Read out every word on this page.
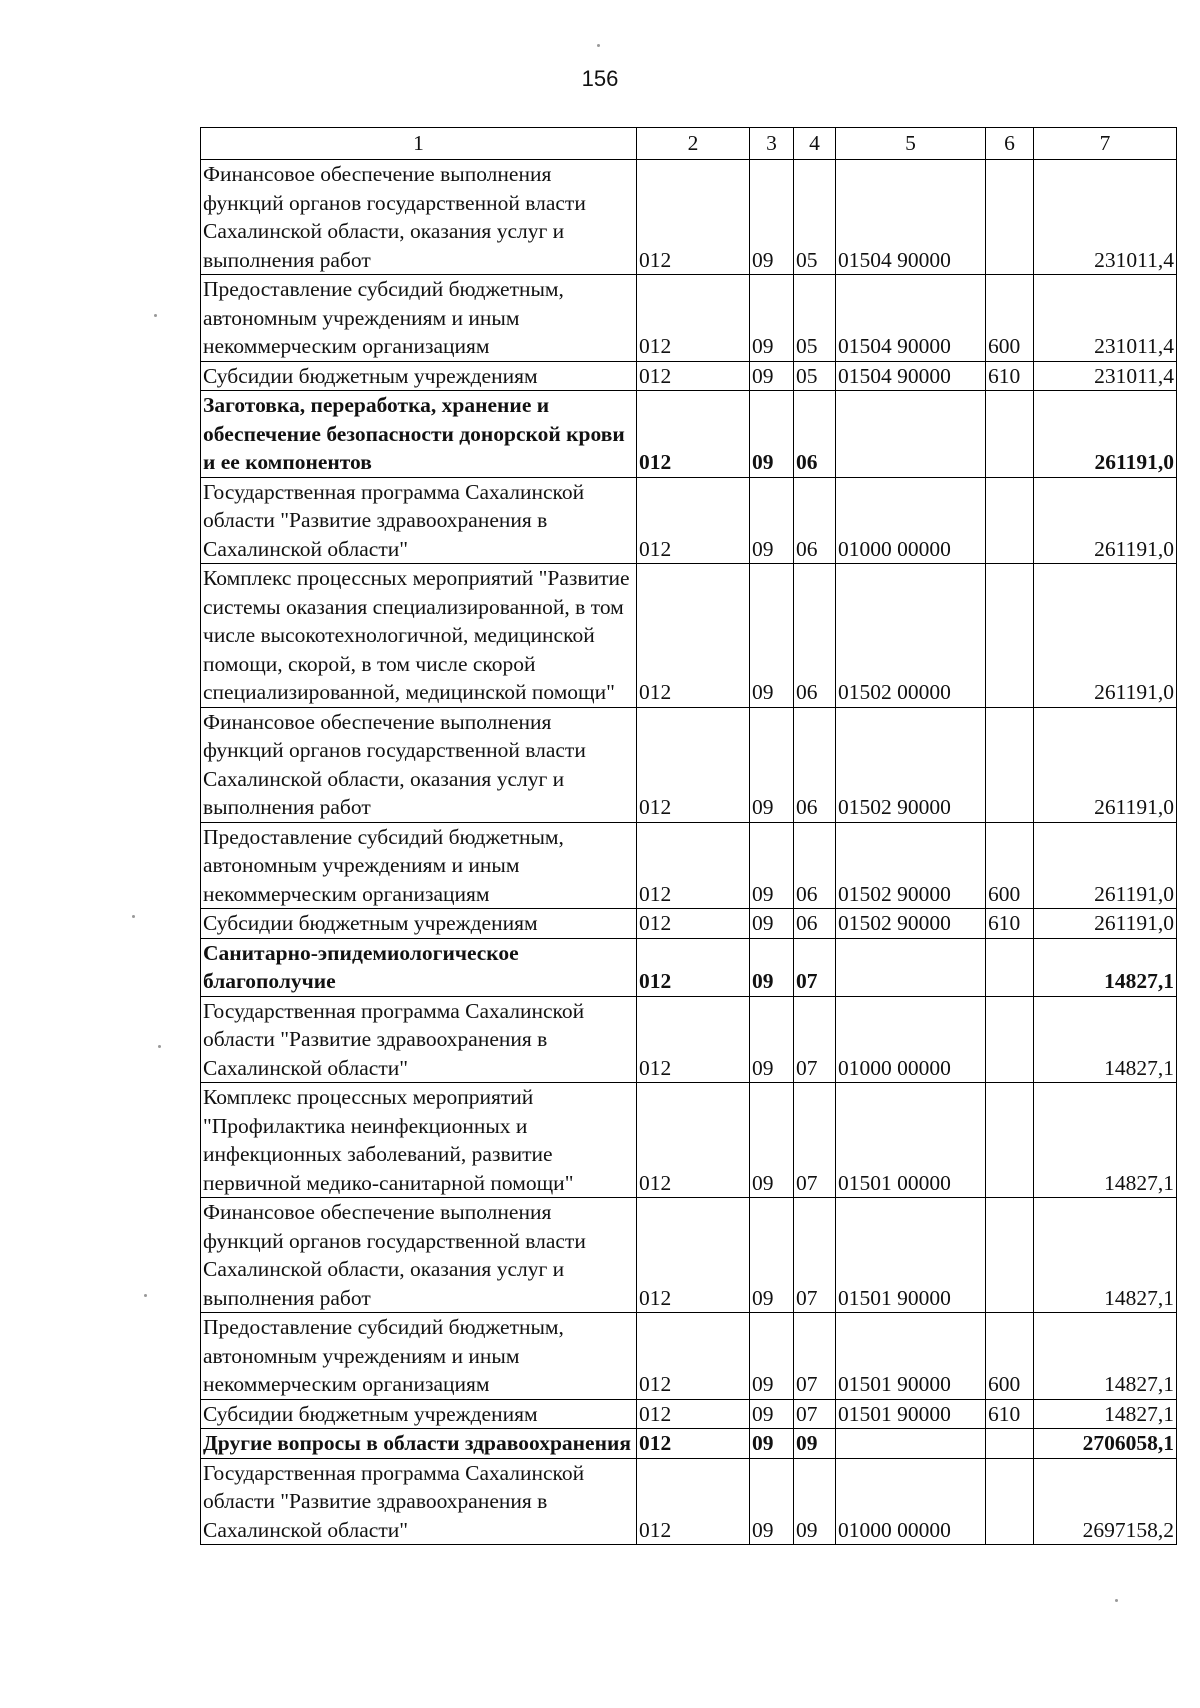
156
1	2	3	4	5	6	7
Финансовое обеспечение выполнения функций органов государственной власти Сахалинской области, оказания услуг и выполнения работ	012	09	05	01504 90000		231011,4
Предоставление субсидий бюджетным, автономным учреждениям и иным некоммерческим организациям	012	09	05	01504 90000	600	231011,4
Субсидии бюджетным учреждениям	012	09	05	01504 90000	610	231011,4
Заготовка, переработка, хранение и обеспечение безопасности донорской крови и ее компонентов	012	09	06			261191,0
Государственная программа Сахалинской области "Развитие здравоохранения в Сахалинской области"	012	09	06	01000 00000		261191,0
Комплекс процессных мероприятий "Развитие системы оказания специализированной, в том числе высокотехнологичной, медицинской помощи, скорой, в том числе скорой специализированной, медицинской помощи"	012	09	06	01502 00000		261191,0
Финансовое обеспечение выполнения функций органов государственной власти Сахалинской области, оказания услуг и выполнения работ	012	09	06	01502 90000		261191,0
Предоставление субсидий бюджетным, автономным учреждениям и иным некоммерческим организациям	012	09	06	01502 90000	600	261191,0
Субсидии бюджетным учреждениям	012	09	06	01502 90000	610	261191,0
Санитарно-эпидемиологическое благополучие	012	09	07			14827,1
Государственная программа Сахалинской области "Развитие здравоохранения в Сахалинской области"	012	09	07	01000 00000		14827,1
Комплекс процессных мероприятий "Профилактика неинфекционных и инфекционных заболеваний, развитие первичной медико-санитарной помощи"	012	09	07	01501 00000		14827,1
Финансовое обеспечение выполнения функций органов государственной власти Сахалинской области, оказания услуг и выполнения работ	012	09	07	01501 90000		14827,1
Предоставление субсидий бюджетным, автономным учреждениям и иным некоммерческим организациям	012	09	07	01501 90000	600	14827,1
Субсидии бюджетным учреждениям	012	09	07	01501 90000	610	14827,1
Другие вопросы в области здравоохранения	012	09	09			2706058,1
Государственная программа Сахалинской области "Развитие здравоохранения в Сахалинской области"	012	09	09	01000 00000		2697158,2
